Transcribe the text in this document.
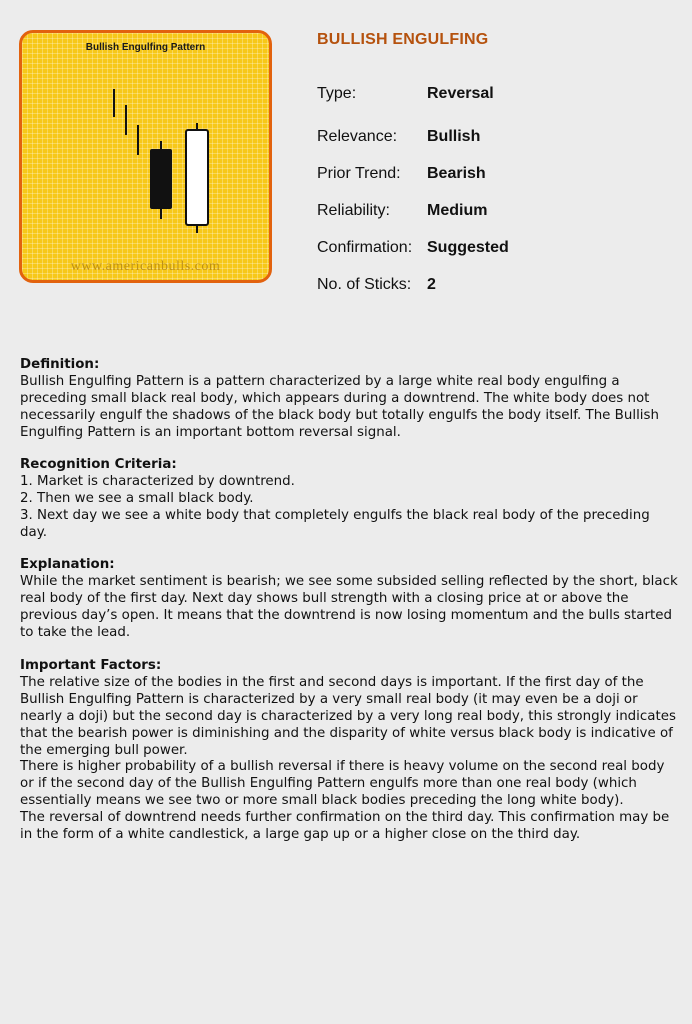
Bullish Engulfing Pattern
www.americanbulls.com
BULLISH ENGULFING
Type:	Reversal
Relevance: Bullish
Prior Trend: Bearish
Reliability: Medium
Confirmation: Suggested
No. of Sticks: 2

Definition:

Bullish Engulfing Pattern is a pattern characterized by a large white real body engulfing a preceding small black real body, which appears during a downtrend. The white body does not necessarily engulf the shadows of the black body but totally engulfs the body itself. The Bullish Engulfing Pattern is an important bottom reversal signal.

Recognition Criteria:

1. Market is characterized by downtrend.

2. Then we see a small black body.

3. Next day we see a white body that completely engulfs the black real body of the preceding day.

Explanation:

While the market sentiment is bearish; we see some subsided selling reflected by the short, black real body of the first day. Next day shows bull strength with a closing price at or above the previous day’s open. It means that the downtrend is now losing momentum and the bulls started to take the lead.

Important Factors:

The relative size of the bodies in the first and second days is important. If the first day of the Bullish Engulfing Pattern is characterized by a very small real body (it may even be a doji or nearly a doji) but the second day is characterized by a very long real body, this strongly indicates that the bearish power is diminishing and the disparity of white versus black body is indicative of the emerging bull power.

There is higher probability of a bullish reversal if there is heavy volume on the second real body or if the second day of the Bullish Engulfing Pattern engulfs more than one real body (which essentially means we see two or more small black bodies preceding the long white body).

The reversal of downtrend needs further confirmation on the third day. This confirmation may be in the form of a white candlestick, a large gap up or a higher close on the third day.
